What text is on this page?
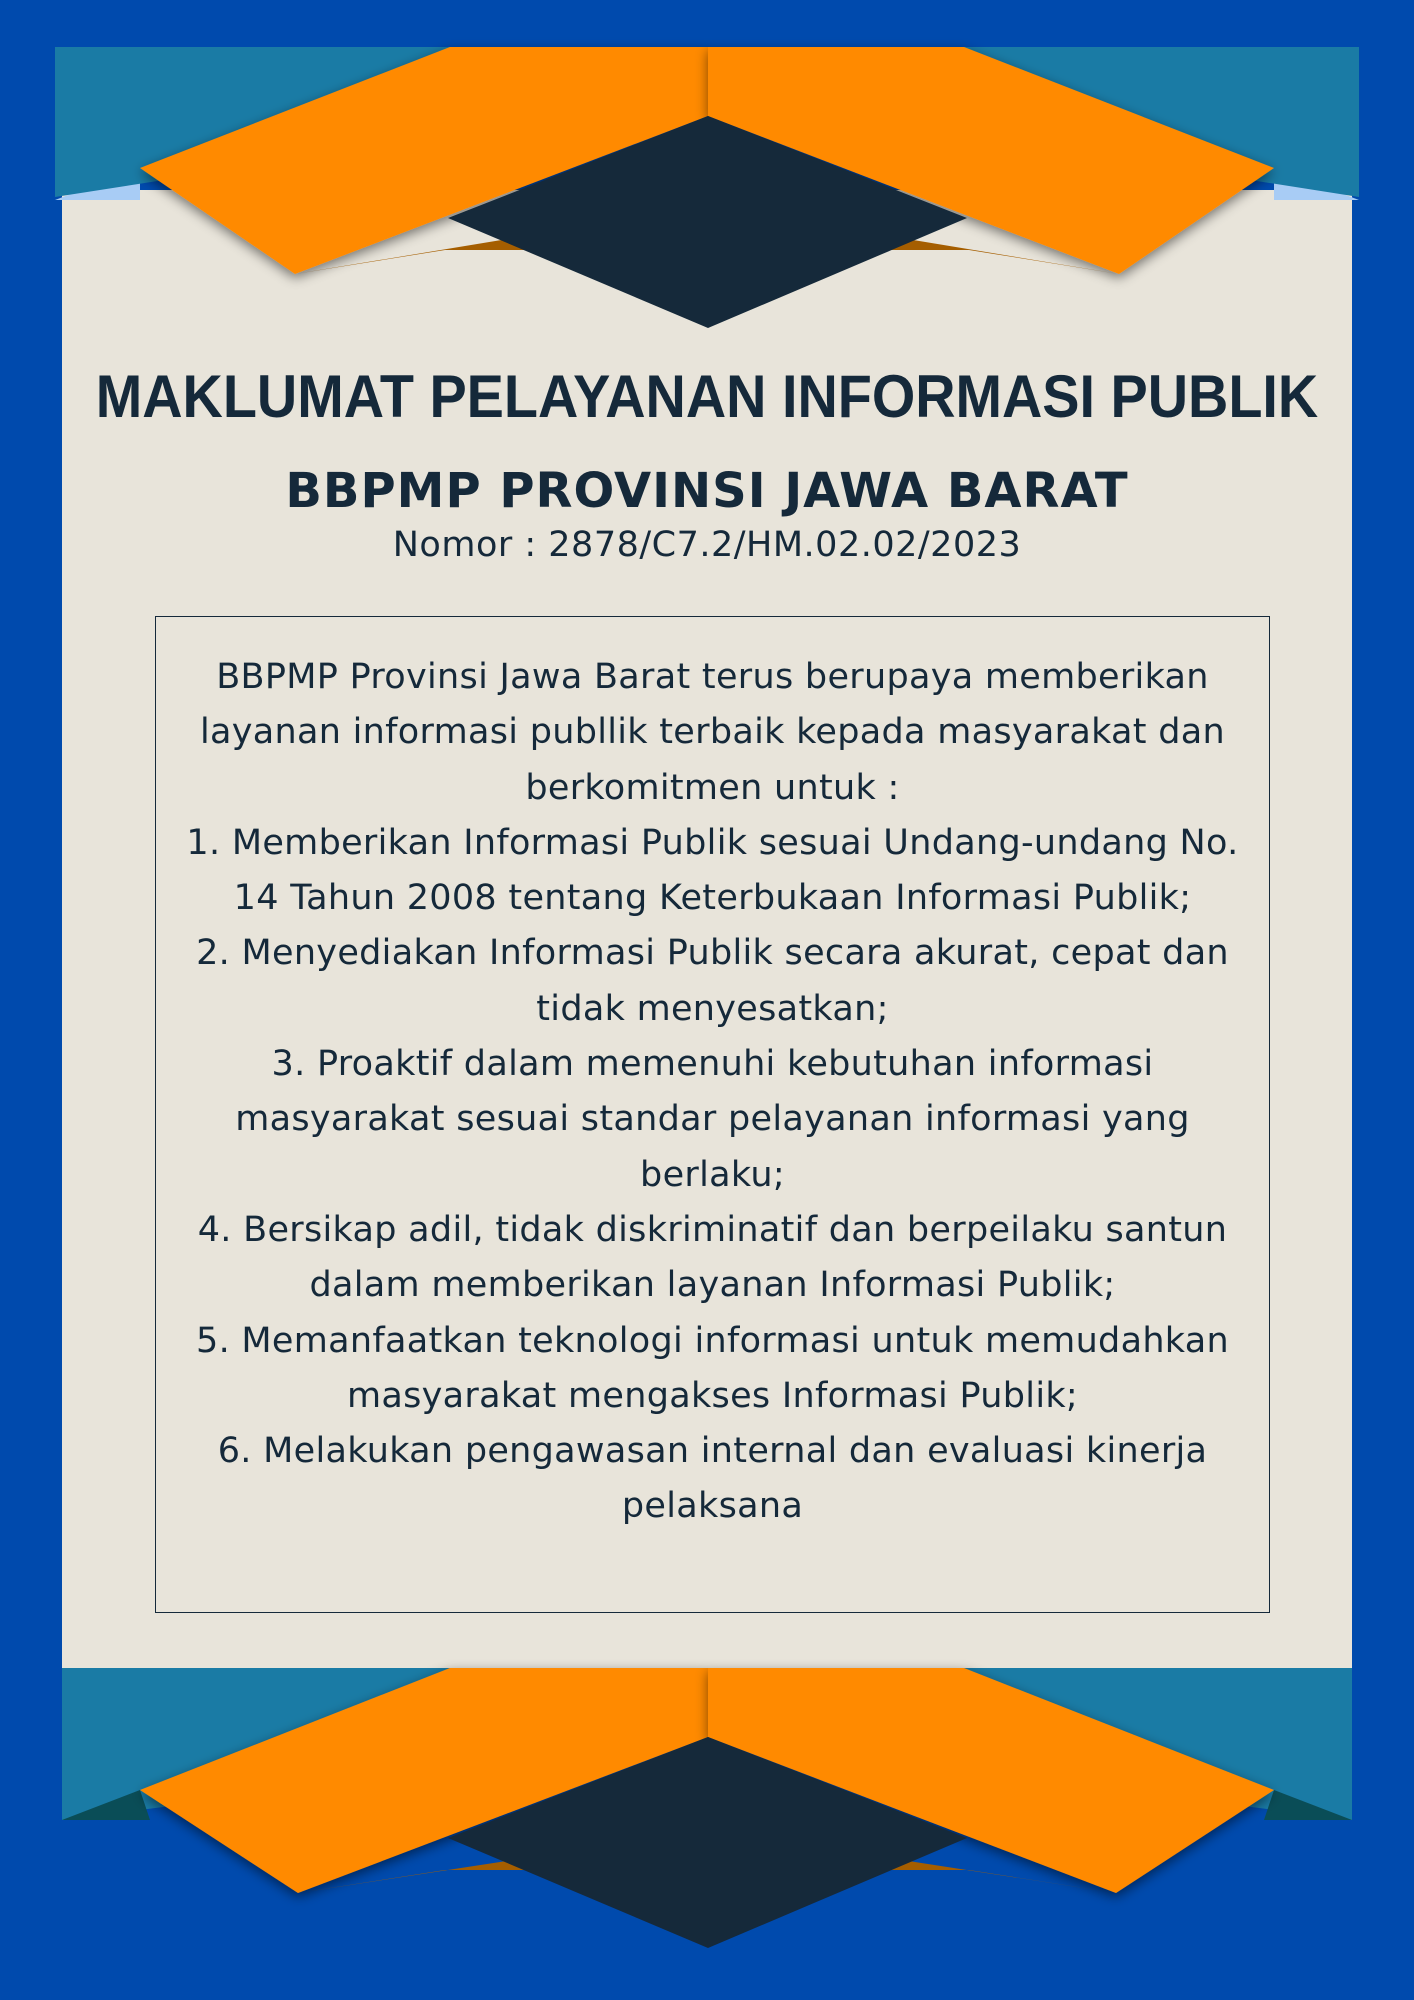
MAKLUMAT PELAYANAN INFORMASI PUBLIK
BBPMP PROVINSI JAWA BARAT
Nomor : 2878/C7.2/HM.02.02/2023

BBPMP Provinsi Jawa Barat terus berupaya memberikan layanan informasi publlik terbaik kepada masyarakat dan berkomitmen untuk :

1. Memberikan Informasi Publik sesuai Undang-undang No. 14 Tahun 2008 tentang Keterbukaan Informasi Publik;

2. Menyediakan Informasi Publik secara akurat, cepat dan tidak menyesatkan;

3. Proaktif dalam memenuhi kebutuhan informasi masyarakat sesuai standar pelayanan informasi yang berlaku;

4. Bersikap adil, tidak diskriminatif dan berpeilaku santun dalam memberikan layanan Informasi Publik;

5. Memanfaatkan teknologi informasi untuk memudahkan masyarakat mengakses Informasi Publik;

6. Melakukan pengawasan internal dan evaluasi kinerja pelaksana
